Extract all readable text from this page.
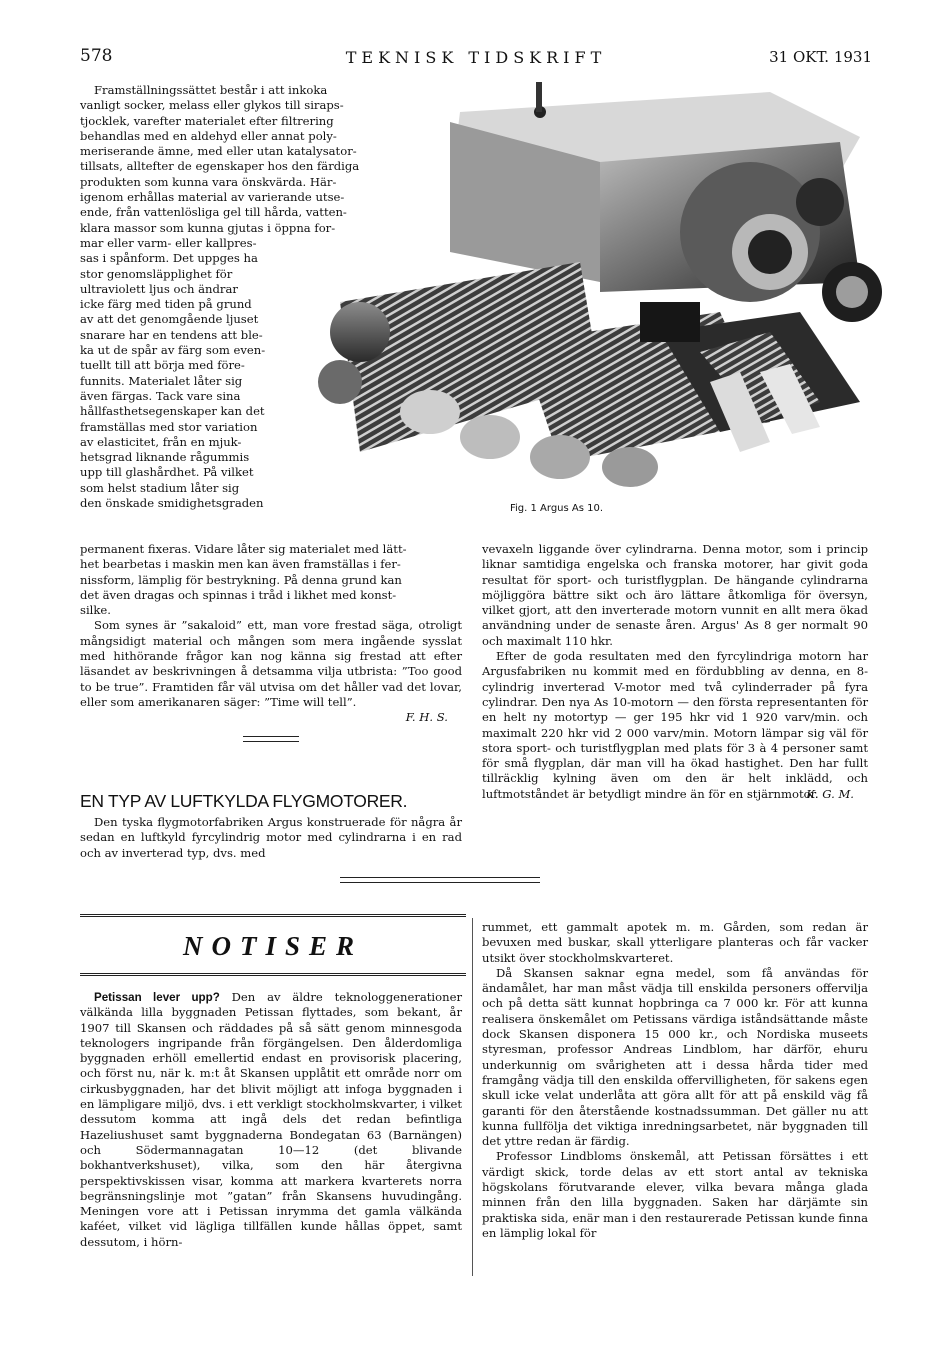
578	TEKNISK TIDSKRIFT	31 OKT. 1931

Framställningssättet består i att inkoka

vanligt socker, melass eller glykos till siraps-

tjocklek, varefter materialet efter filtrering

behandlas med en aldehyd eller annat poly-

meriserande ämne, med eller utan katalysator-

tillsats, alltefter de egenskaper hos den färdiga

produkten som kunna vara önskvärda. Här-

igenom erhållas material av varierande utse-

ende, från vattenlösliga gel till hårda, vatten-

klara massor som kunna gjutas i öppna for-

mar eller varm- eller kallpres-

sas i spånform. Det uppges ha

stor genomsläpplighet för

ultraviolett ljus och ändrar

icke färg med tiden på grund

av att det genomgående ljuset

snarare har en tendens att ble-

ka ut de spår av färg som even-

tuellt till att börja med före-

funnits. Materialet låter sig

även färgas. Tack vare sina

hållfasthetsegenskaper kan det

framställas med stor variation

av elasticitet, från en mjuk-

hetsgrad liknande rågummis

upp till glashårdhet. På vilket

som helst stadium låter sig

den önskade smidighetsgraden

permanent fixeras. Vidare låter sig materialet med lätt-

het bearbetas i maskin men kan även framställas i fer-

nissform, lämplig för bestrykning. På denna grund kan

det även dragas och spinnas i tråd i likhet med konst-

silke.

Som synes är ”sakaloid” ett, man vore frestad säga, otroligt mångsidigt material och mången som mera ingående sysslat med hithörande frågor kan nog känna sig frestad att efter läsandet av beskrivningen å detsamma vilja utbrista: ”Too good to be true”. Framtiden får väl utvisa om det håller vad det lovar, eller som amerikanaren säger: ”Time will tell”.

F. H. S.

Fig. 1 Argus As 10.
EN TYP AV LUFTKYLDA FLYGMOTORER.

Den tyska flygmotorfabriken Argus konstruerade för några år sedan en luftkyld fyrcylindrig motor med cylindrarna i en rad och av inverterad typ, dvs. med

vevaxeln liggande över cylindrarna. Denna motor, som i princip liknar samtidiga engelska och franska motorer, har givit goda resultat för sport- och turistflygplan. De hängande cylindrarna möjliggöra bättre sikt och äro lättare åtkomliga för översyn, vilket gjort, att den inverterade motorn vunnit en allt mera ökad användning under de senaste åren. Argus' As 8 ger normalt 90 och maximalt 110 hkr.

Efter de goda resultaten med den fyrcylindriga motorn har Argusfabriken nu kommit med en fördubbling av denna, en 8-cylindrig inverterad V-motor med två cylinderrader på fyra cylindrar. Den nya As 10-motorn — den första representanten för en helt ny motortyp — ger 195 hkr vid 1 920 varv/min. och maximalt 220 hkr vid 2 000 varv/min. Motorn lämpar sig väl för stora sport- och turistflygplan med plats för 3 à 4 personer samt för små flygplan, där man vill ha ökad hastighet. Den har fullt tillräcklig kylning även om den är helt inklädd, och luftmotståndet är betydligt mindre än för en stjärnmotor.

K. G. M.

NOTISER

Petissan lever upp? Den av äldre teknologgenerationer välkända lilla byggnaden Petissan flyttades, som bekant, år 1907 till Skansen och räddades på så sätt genom minnesgoda teknologers ingripande från förgängelsen. Den ålderdomliga byggnaden erhöll emellertid endast en provisorisk placering, och först nu, när k. m:t åt Skansen upplåtit ett område norr om cirkusbyggnaden, har det blivit möjligt att infoga byggnaden i en lämpligare miljö, dvs. i ett verkligt stockholmskvarter, i vilket dessutom komma att ingå dels det redan befintliga Hazeliushuset samt byggnaderna Bondegatan 63 (Barnängen) och Södermannagatan 10—12 (det blivande bokhantverkshuset), vilka, som den här återgivna perspektivskissen visar, komma att markera kvarterets norra begränsningslinje mot ”gatan” från Skansens huvudingång. Meningen vore att i Petissan inrymma det gamla välkända kaféet, vilket vid lägliga tillfällen kunde hållas öppet, samt dessutom, i hörn-

rummet, ett gammalt apotek m. m. Gården, som redan är bevuxen med buskar, skall ytterligare planteras och får vacker utsikt över stockholmskvarteret.

Då Skansen saknar egna medel, som få användas för ändamålet, har man måst vädja till enskilda personers offervilja och på detta sätt kunnat hopbringa ca 7 000 kr. För att kunna realisera önskemålet om Petissans värdiga iståndsättande måste dock Skansen disponera 15 000 kr., och Nordiska museets styresman, professor Andreas Lindblom, har därför, ehuru underkunnig om svårigheten att i dessa hårda tider med framgång vädja till den enskilda offervilligheten, för sakens egen skull icke velat underlåta att göra allt för att på enskild väg få garanti för den återstående kostnadssumman. Det gäller nu att kunna fullfölja det viktiga inredningsarbetet, när byggnaden till det yttre redan är färdig.

Professor Lindbloms önskemål, att Petissan försättes i ett värdigt skick, torde delas av ett stort antal av tekniska högskolans förutvarande elever, vilka bevara många glada minnen från den lilla byggnaden. Saken har därjämte sin praktiska sida, enär man i den restaurerade Petissan kunde finna en lämplig lokal för
